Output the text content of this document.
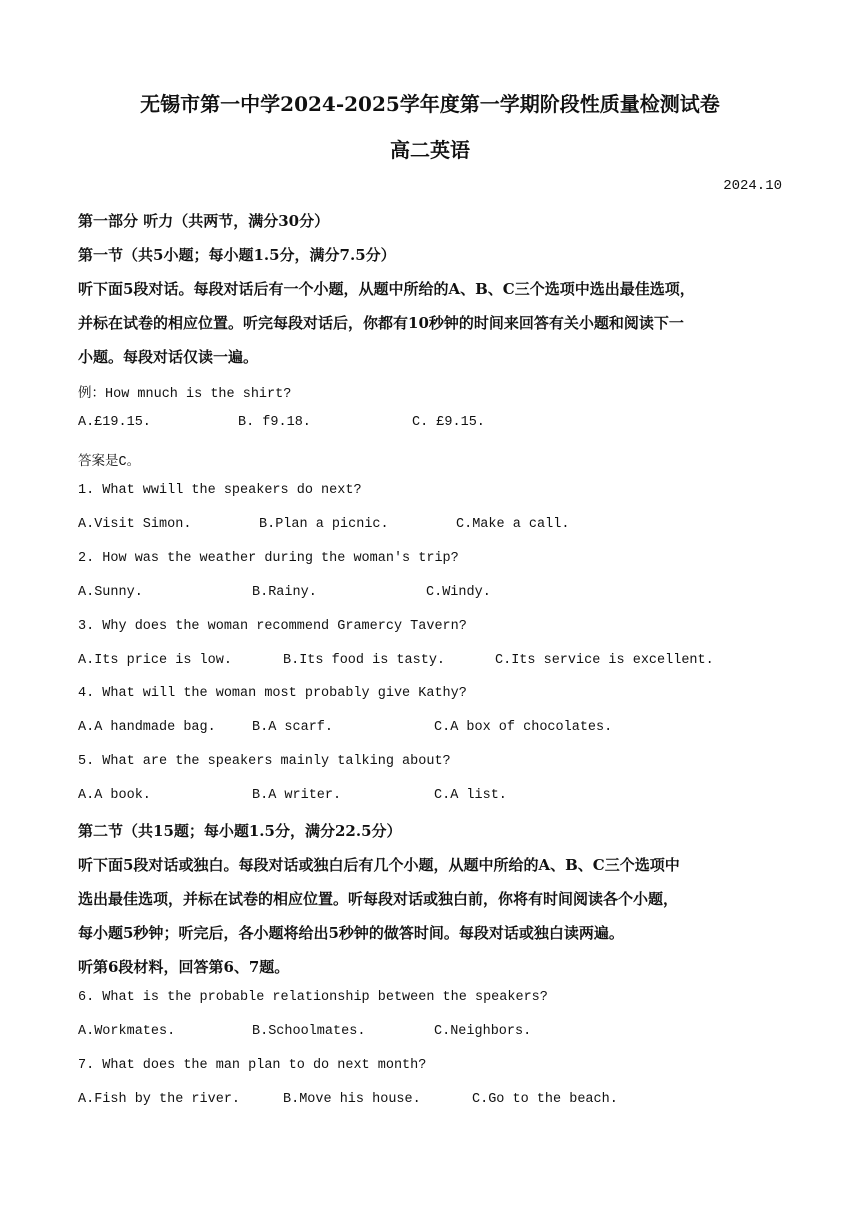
无锡市第一中学2024-2025学年度第一学期阶段性质量检测试卷
高二英语
2024.10
第一部分 听力（共两节，满分30分）
第一节（共5小题；每小题1.5分，满分7.5分）
听下面5段对话。每段对话后有一个小题，从题中所给的A、B、C三个选项中选出最佳选项，
并标在试卷的相应位置。听完每段对话后，你都有10秒钟的时间来回答有关小题和阅读下一
小题。每段对话仅读一遍。
例：How mnuch is the shirt?
A.£19.15.	B. f9.18.	C. £9.15.
答案是C。
1. What wwill the speakers do next?
A.Visit Simon.	B.Plan a picnic.	C.Make a call.
2. How was the weather during the woman's trip?
A.Sunny.	B.Rainy.	C.Windy.
3. Why does the woman recommend Gramercy Tavern?
A.Its price is low.	B.Its food is tasty.	C.Its service is excellent.
4. What will the woman most probably give Kathy?
A.A handmade bag.	B.A scarf.	C.A box of chocolates.
5. What are the speakers mainly talking about?
A.A book.	B.A writer.	C.A list.
第二节（共15题；每小题1.5分，满分22.5分）
听下面5段对话或独白。每段对话或独白后有几个小题，从题中所给的A、B、C三个选项中
选出最佳选项，并标在试卷的相应位置。听每段对话或独白前，你将有时间阅读各个小题，
每小题5秒钟；听完后，各小题将给出5秒钟的做答时间。每段对话或独白读两遍。
听第6段材料，回答第6、7题。
6. What is the probable relationship between the speakers?
A.Workmates.	B.Schoolmates.	C.Neighbors.
7. What does the man plan to do next month?
A.Fish by the river.	B.Move his house.	C.Go to the beach.
